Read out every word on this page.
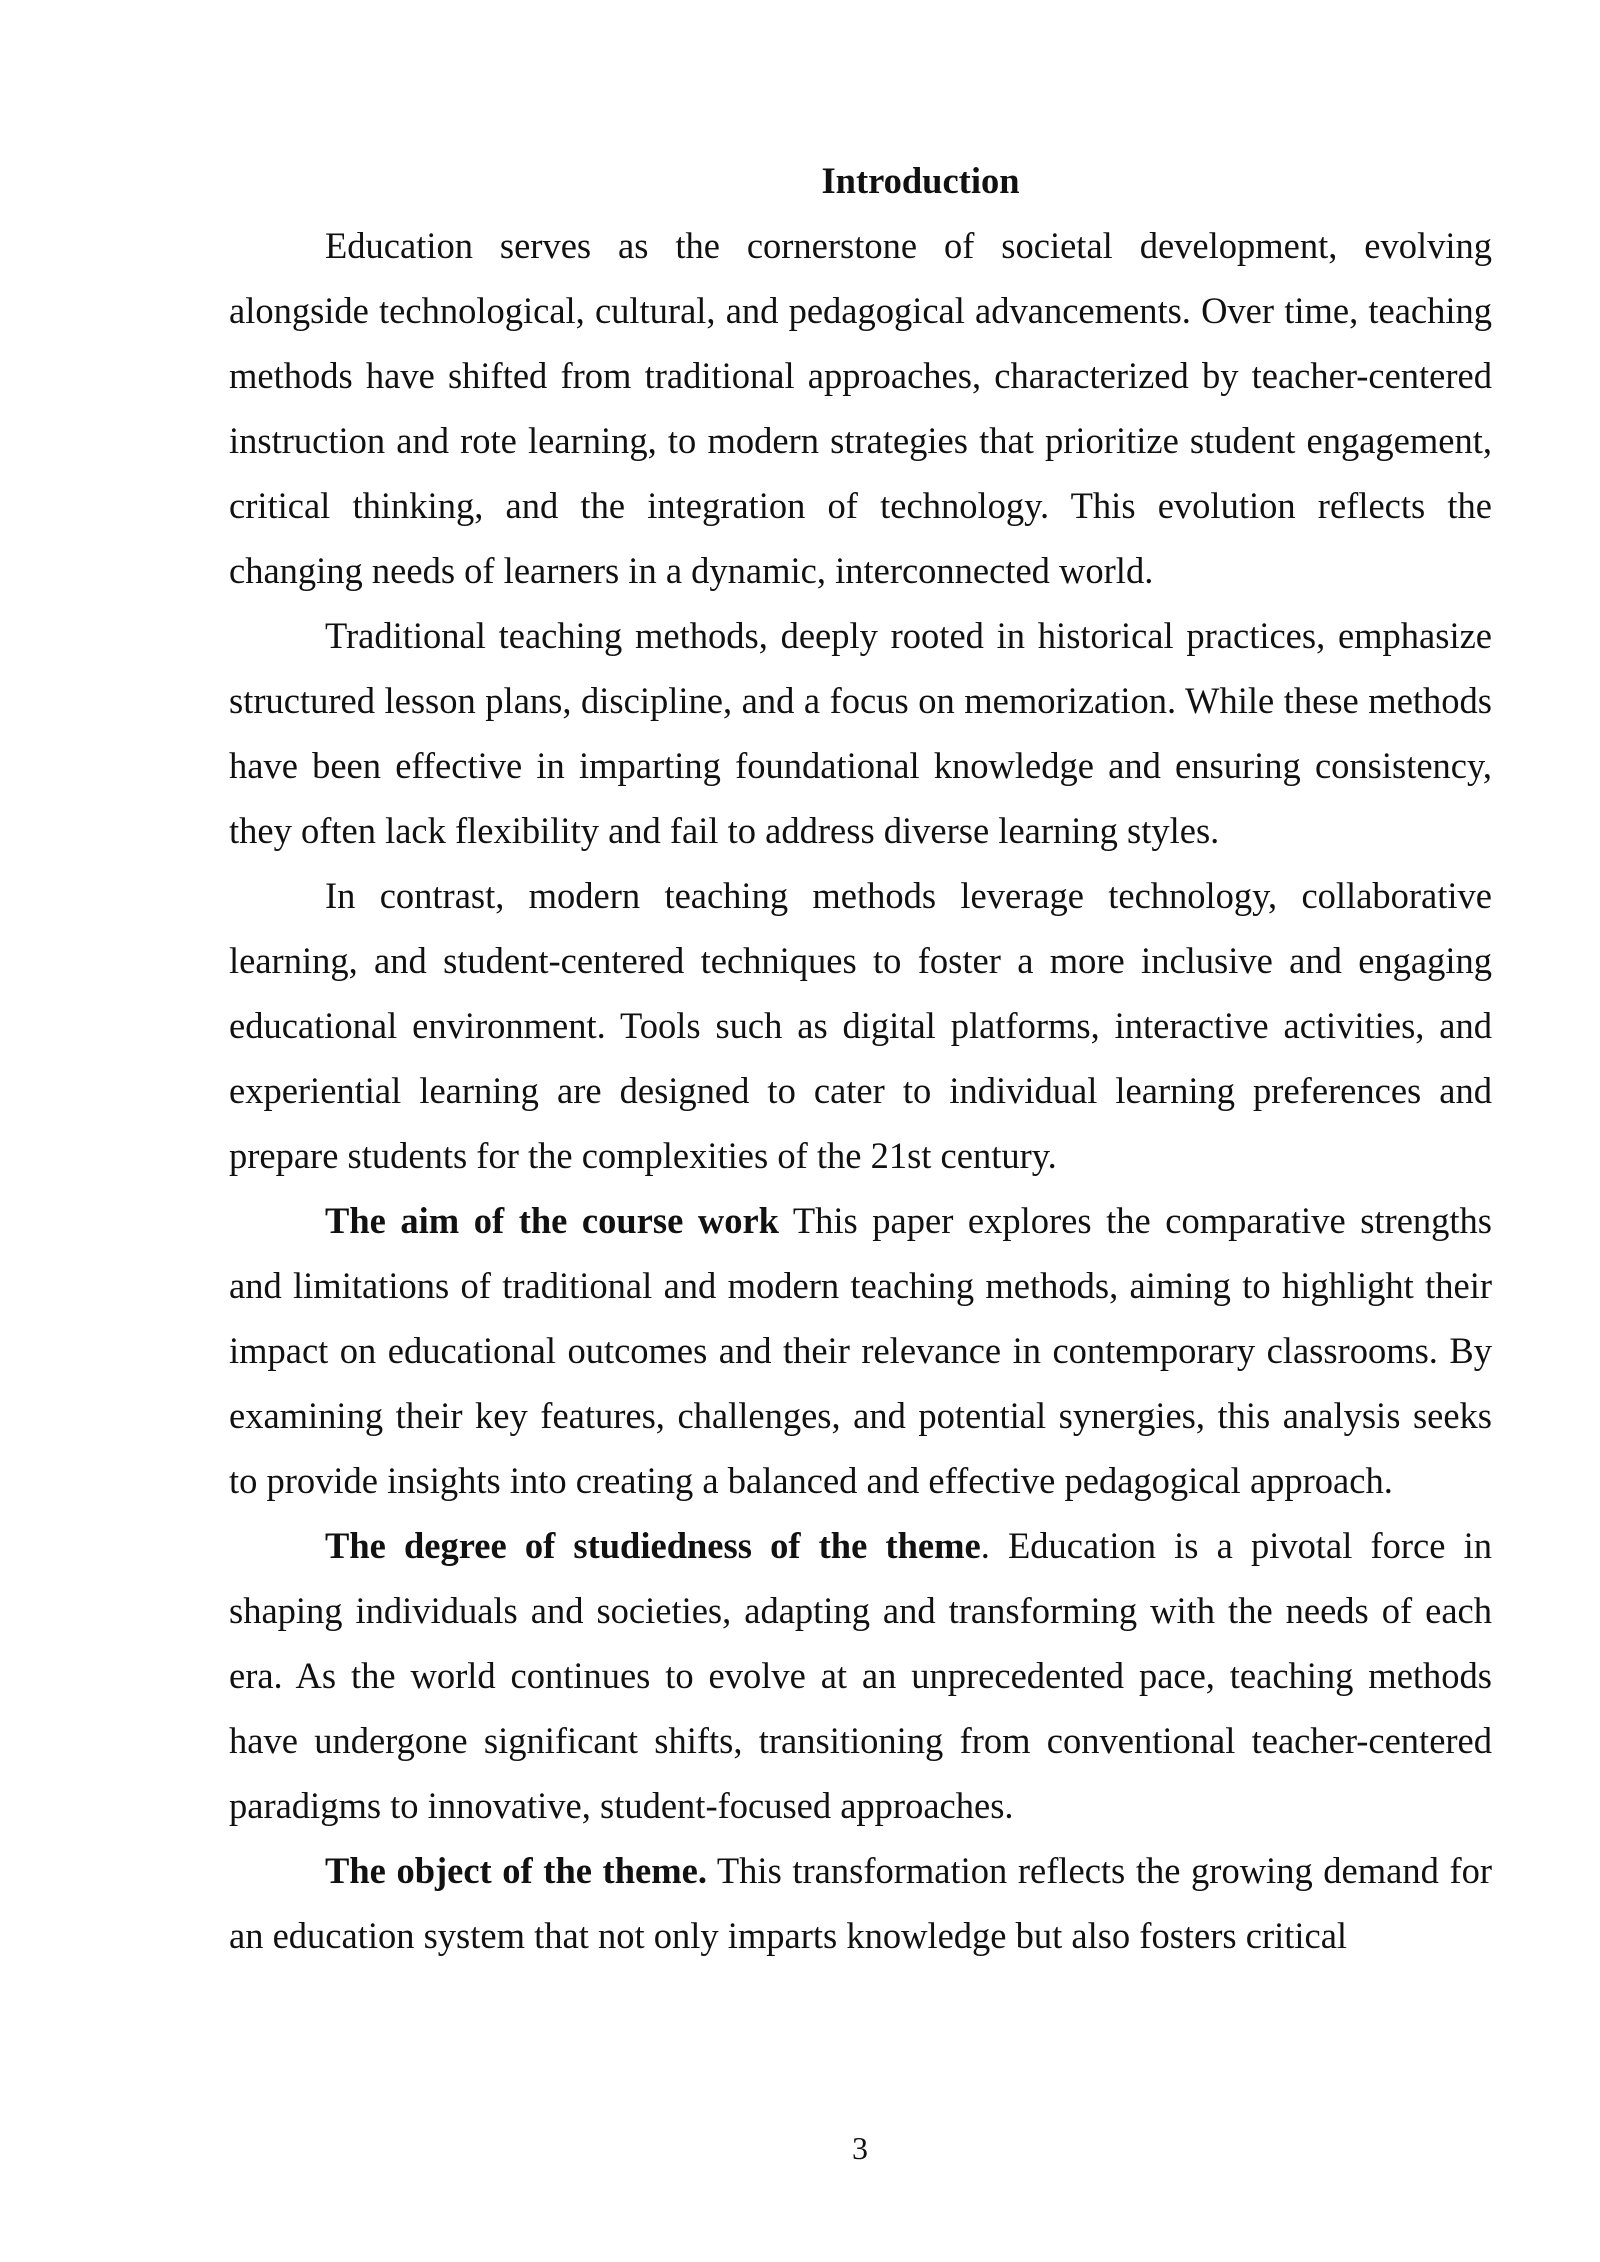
Introduction

Education serves as the cornerstone of societal development, evolving alongside technological, cultural, and pedagogical advancements. Over time, teaching methods have shifted from traditional approaches, characterized by teacher-centered instruction and rote learning, to modern strategies that prioritize student engagement, critical thinking, and the integration of technology. This evolution reflects the changing needs of learners in a dynamic, interconnected world.

Traditional teaching methods, deeply rooted in historical practices, emphasize structured lesson plans, discipline, and a focus on memorization. While these methods have been effective in imparting foundational knowledge and ensuring consistency, they often lack flexibility and fail to address diverse learning styles.

In contrast, modern teaching methods leverage technology, collaborative learning, and student-centered techniques to foster a more inclusive and engaging educational environment. Tools such as digital platforms, interactive activities, and experiential learning are designed to cater to individual learning preferences and prepare students for the complexities of the 21st century.

The aim of the course work This paper explores the comparative strengths and limitations of traditional and modern teaching methods, aiming to highlight their impact on educational outcomes and their relevance in contemporary classrooms. By examining their key features, challenges, and potential synergies, this analysis seeks to provide insights into creating a balanced and effective pedagogical approach.

The degree of studiedness of the theme. Education is a pivotal force in shaping individuals and societies, adapting and transforming with the needs of each era. As the world continues to evolve at an unprecedented pace, teaching methods have undergone significant shifts, transitioning from conventional teacher-centered paradigms to innovative, student-focused approaches.

The object of the theme. This transformation reflects the growing demand for an education system that not only imparts knowledge but also fosters critical

3
